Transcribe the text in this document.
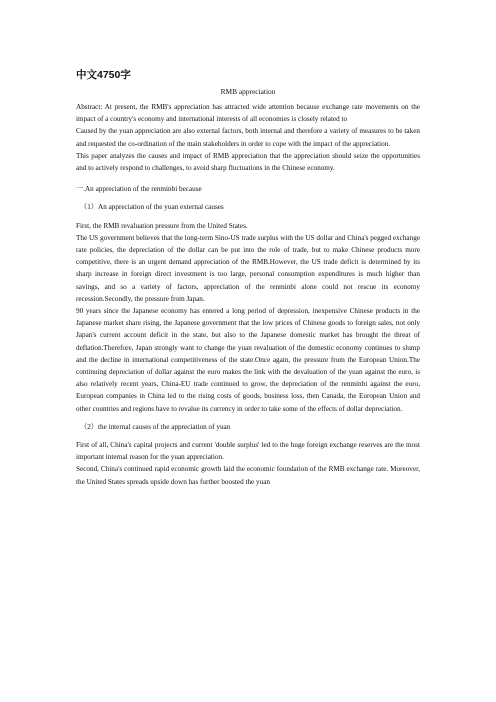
中文4750字
RMB appreciation

Abstract: At present, the RMB's appreciation has attracted wide attention because exchange rate movements on the impact of a country's economy and international interests of all economies is closely related to

Caused by the yuan appreciation are also external factors, both internal and therefore a variety of measures to be taken and requested the co-ordination of the main stakeholders in order to cope with the impact of the appreciation.

This paper analyzes the causes and impact of RMB appreciation that the appreciation should seize the opportunities and to actively respond to challenges, to avoid sharp fluctuations in the Chinese economy.

一.An appreciation of the renminbi because

（1）An appreciation of the yuan external causes

First, the RMB revaluation pressure from the United States.

The US government believes that the long-term Sino-US trade surplus with the US dollar and China's pegged exchange rate policies, the depreciation of the dollar can be put into the role of trade, but to make Chinese products more competitive, there is an urgent demand appreciation of the RMB.However, the US trade deficit is determined by its sharp increase in foreign direct investment is too large, personal consumption expenditures is much higher than savings, and so a variety of factors, appreciation of the renminbi alone could not rescue its economy recession.Secondly, the pressure from Japan.

90 years since the Japanese economy has entered a long period of depression, inexpensive Chinese products in the Japanese market share rising, the Japanese government that the low prices of Chinese goods to foreign sales, not only Japan's current account deficit in the state, but also to the Japanese domestic market has brought the threat of deflation.Therefore, Japan strongly want to change the yuan revaluation of the domestic economy continues to slump and the decline in international competitiveness of the state.Once again, the pressure from the European Union.The continuing depreciation of dollar against the euro makes the link with the devaluation of the yuan against the euro, is also relatively recent years, China-EU trade continued to grow, the depreciation of the renminbi against the euro, European companies in China led to the rising costs of goods, business loss, then Canada, the European Union and other countries and regions have to revalue its currency in order to take some of the effects of dollar depreciation.

（2）the internal causes of the appreciation of yuan

First of all, China's capital projects and current 'double surplus' led to the huge foreign exchange reserves are the most important internal reason for the yuan appreciation.

Second, China's continued rapid economic growth laid the economic foundation of the RMB exchange rate. Moreover, the United States spreads upside down has further boosted the yuan
